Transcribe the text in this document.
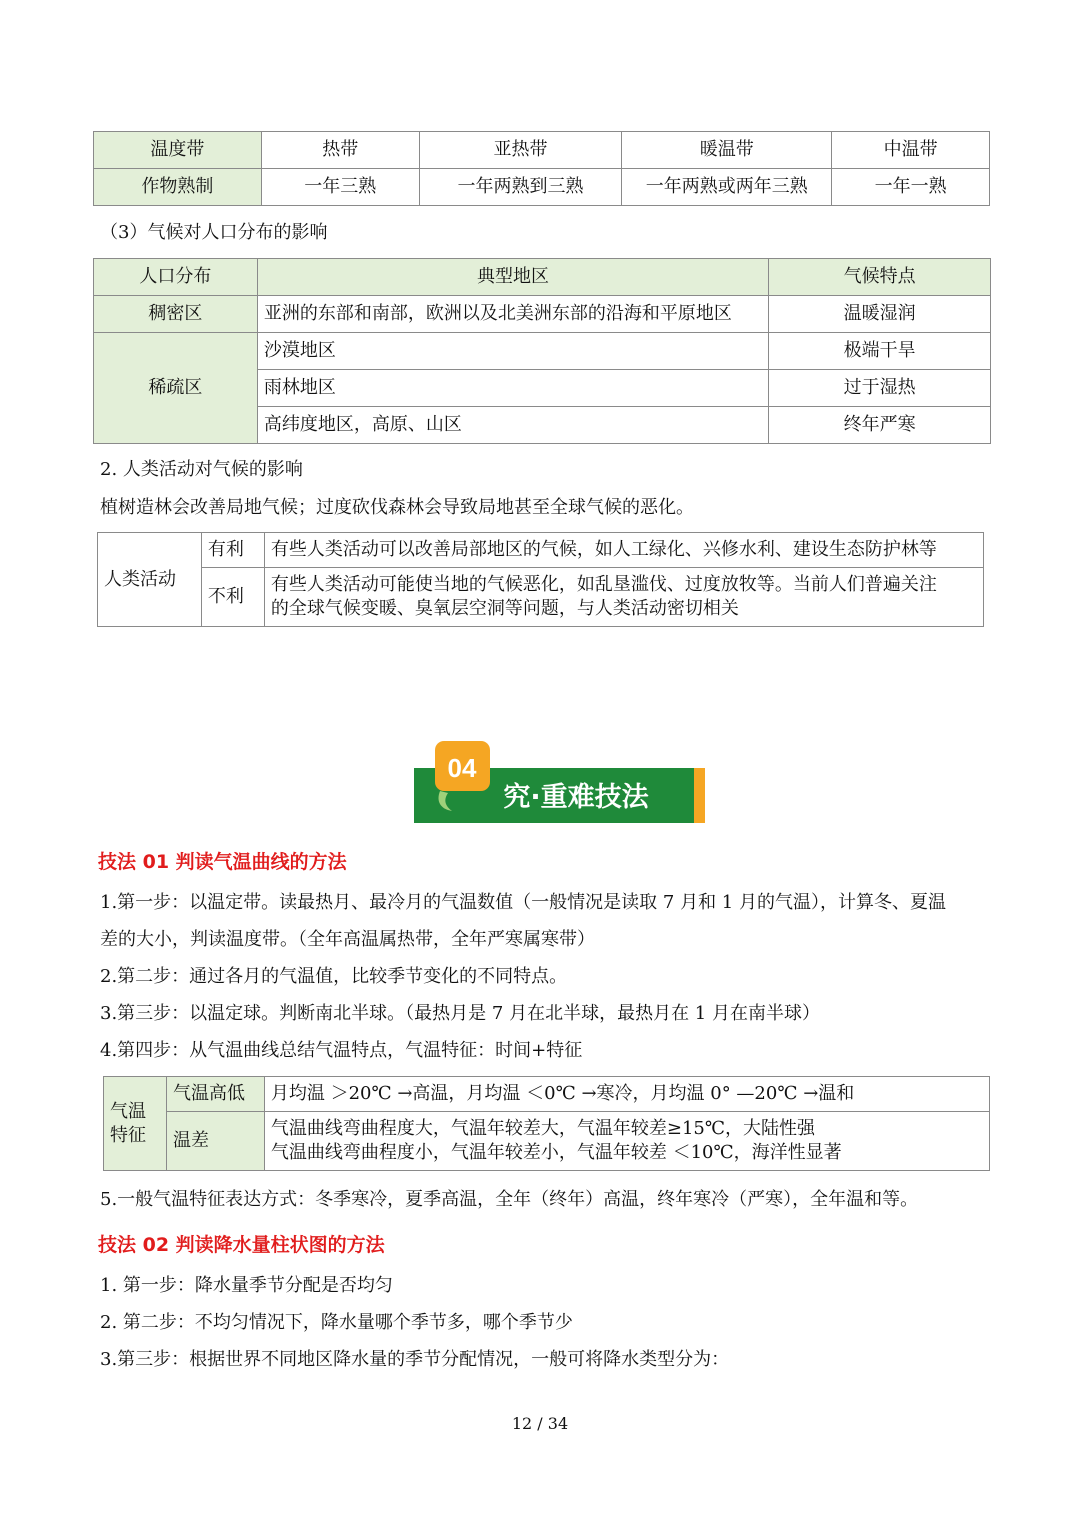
温度带	热带	亚热带	暖温带	中温带
作物熟制	一年三熟	一年两熟到三熟	一年两熟或两年三熟	一年一熟

（3）气候对人口分布的影响

人口分布	典型地区	气候特点
稠密区	亚洲的东部和南部，欧洲以及北美洲东部的沿海和平原地区	温暖湿润
稀疏区	沙漠地区	极端干旱
	雨林地区	过于湿热
	高纬度地区，高原、山区	终年严寒

2. 人类活动对气候的影响

植树造林会改善局地气候；过度砍伐森林会导致局地甚至全球气候的恶化。

人类活动	有利	有些人类活动可以改善局部地区的气候，如人工绿化、兴修水利、建设生态防护林等
	不利	有些人类活动可能使当地的气候恶化，如乱垦滥伐、过度放牧等。当前人们普遍关注
的全球气候变暖、臭氧层空洞等问题，与人类活动密切相关
04
究·重难技法

技法 01 判读气温曲线的方法

1.第一步：以温定带。读最热月、最冷月的气温数值（一般情况是读取 7 月和 1 月的气温），计算冬、夏温

差的大小，判读温度带。（全年高温属热带，全年严寒属寒带）

2.第二步：通过各月的气温值，比较季节变化的不同特点。

3.第三步：以温定球。判断南北半球。（最热月是 7 月在北半球，最热月在 1 月在南半球）

4.第四步：从气温曲线总结气温特点，气温特征：时间+特征

气温
特征	气温高低	月均温 ＞20℃ →高温，月均温 ＜0℃ →寒冷，月均温 0° —20℃ →温和
	温差	气温曲线弯曲程度大，气温年较差大，气温年较差≥15℃，大陆性强
气温曲线弯曲程度小，气温年较差小，气温年较差 ＜10℃，海洋性显著

5.一般气温特征表达方式：冬季寒冷，夏季高温，全年（终年）高温，终年寒冷（严寒），全年温和等。

技法 02 判读降水量柱状图的方法

1. 第一步：降水量季节分配是否均匀

2. 第二步：不均匀情况下，降水量哪个季节多，哪个季节少

3.第三步：根据世界不同地区降水量的季节分配情况，一般可将降水类型分为：

12 / 34
